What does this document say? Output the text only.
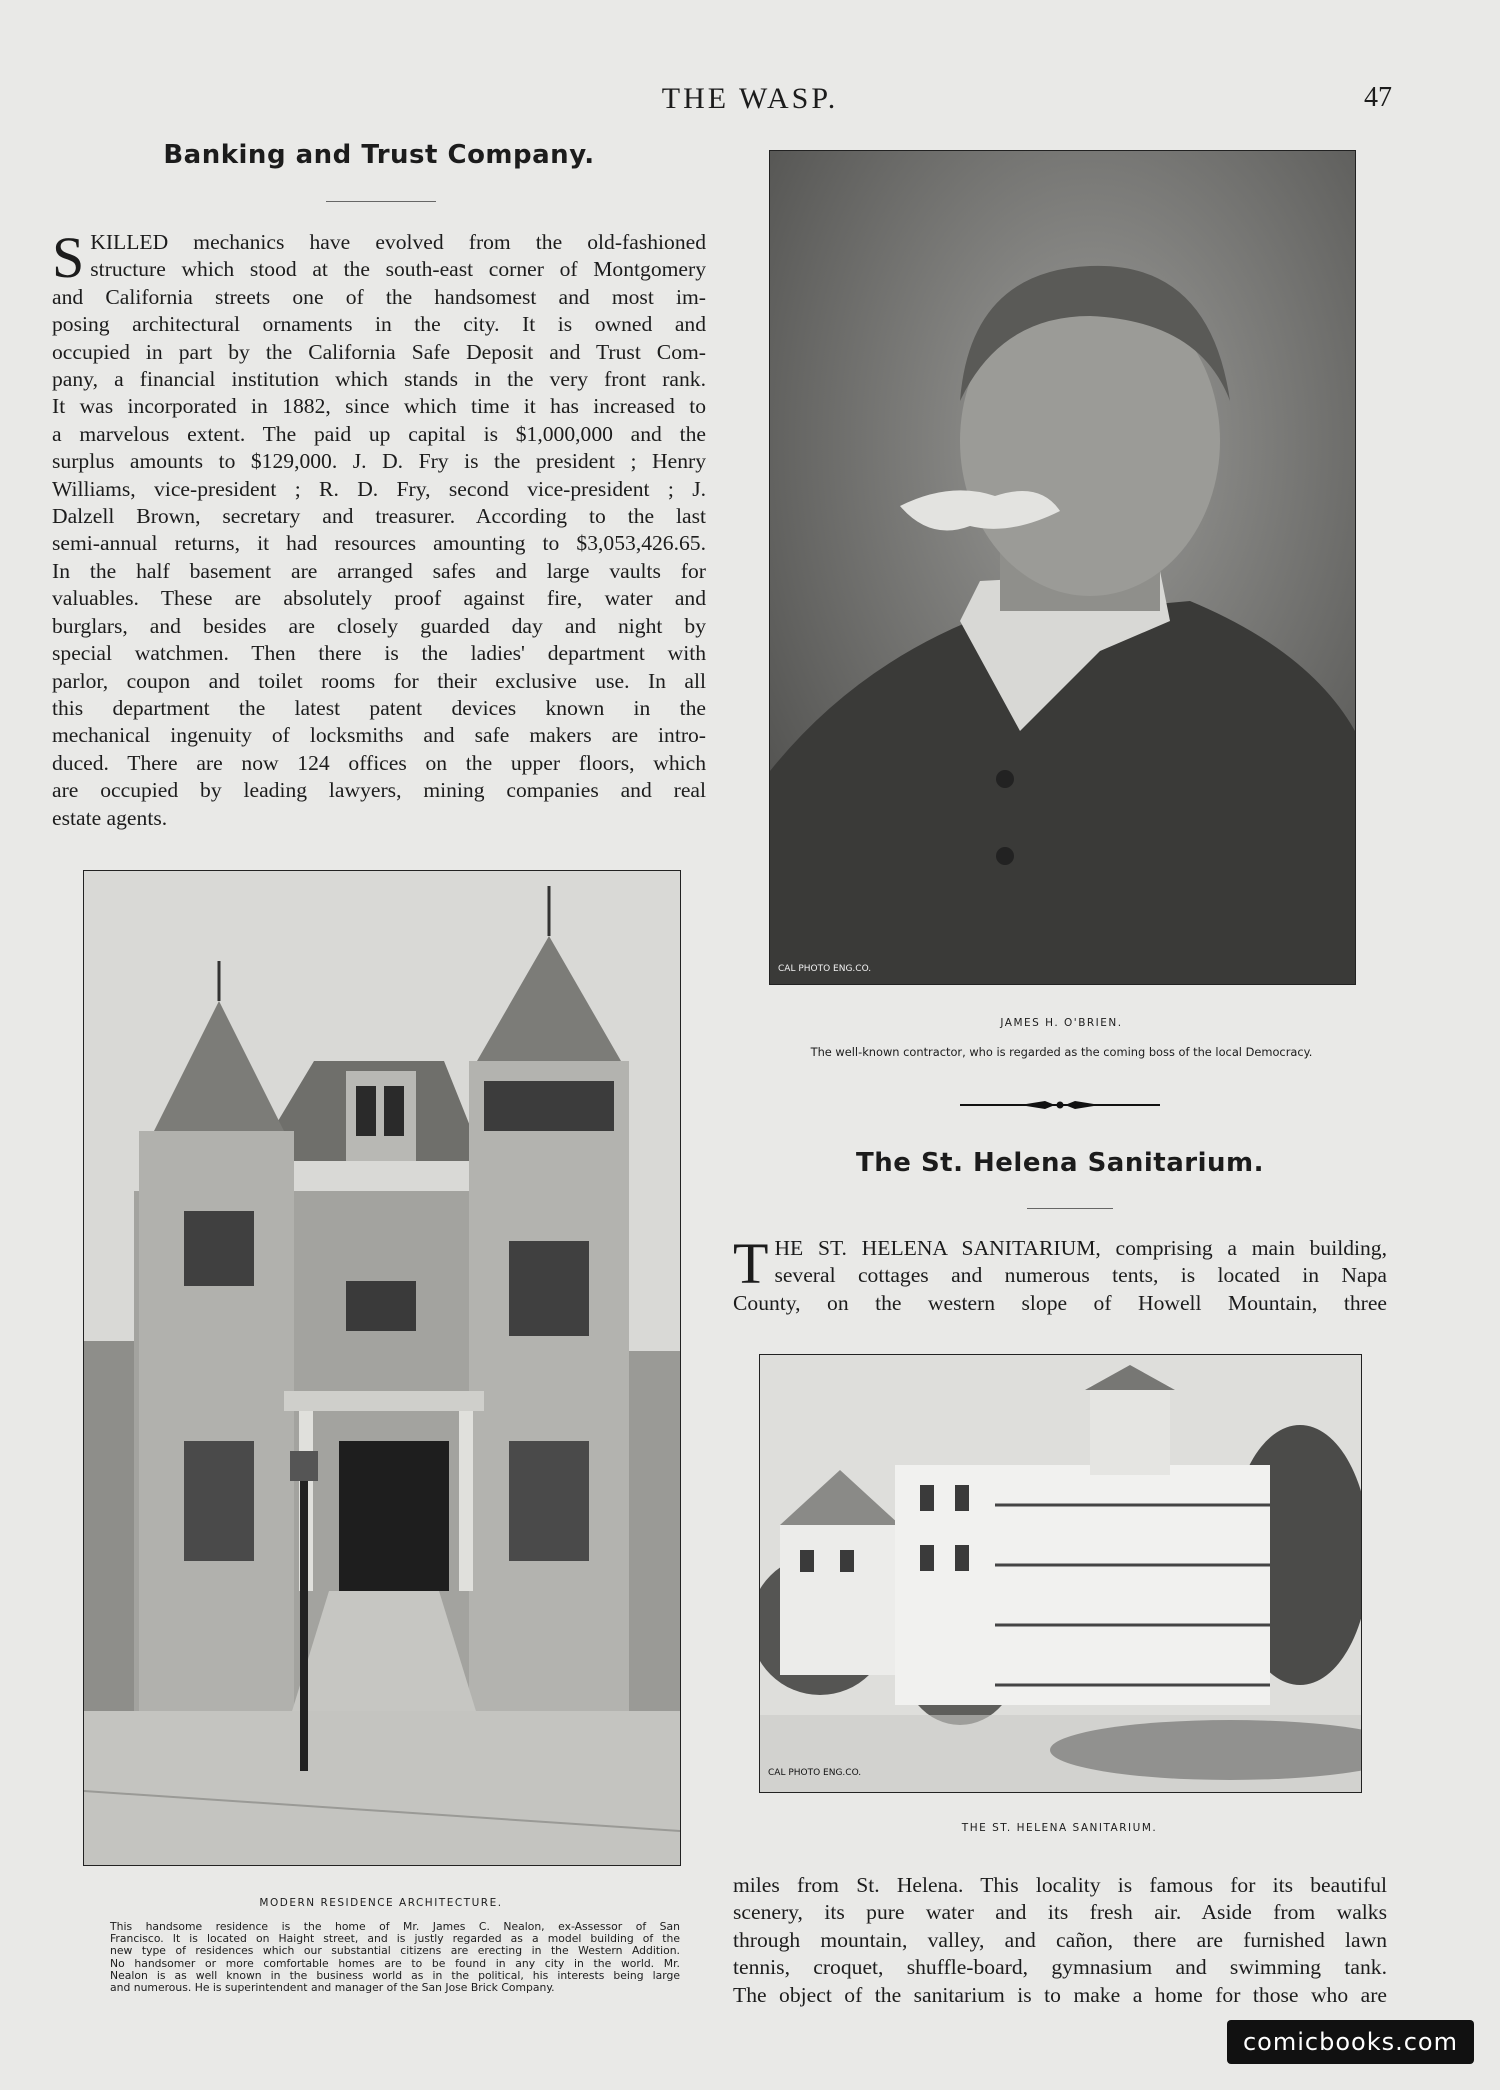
THE WASP.	47
Banking and Trust Company.
S KILLED mechanics have evolved from the old-fashioned
structure which stood at the south-east corner of Montgomery
and California streets one of the handsomest and most im-
posing architectural ornaments in the city. It is owned and
occupied in part by the California Safe Deposit and Trust Com-
pany, a financial institution which stands in the very front rank.
It was incorporated in 1882, since which time it has increased to
a marvelous extent. The paid up capital is $1,000,000 and the
surplus amounts to $129,000. J. D. Fry is the president ; Henry
Williams, vice-president ; R. D. Fry, second vice-president ; J.
Dalzell Brown, secretary and treasurer. According to the last
semi-annual returns, it had resources amounting to $3,053,426.65.
In the half basement are arranged safes and large vaults for
valuables. These are absolutely proof against fire, water and
burglars, and besides are closely guarded day and night by
special watchmen. Then there is the ladies' department with
parlor, coupon and toilet rooms for their exclusive use. In all
this department the latest patent devices known in the
mechanical ingenuity of locksmiths and safe makers are intro-
duced. There are now 124 offices on the upper floors, which
are occupied by leading lawyers, mining companies and real
estate agents.
MODERN RESIDENCE ARCHITECTURE.
This handsome residence is the home of Mr. James C. Nealon, ex-Assessor of San
Francisco. It is located on Haight street, and is justly regarded as a model building of the
new type of residences which our substantial citizens are erecting in the Western Addition.
No handsomer or more comfortable homes are to be found in any city in the world. Mr.
Nealon is as well known in the business world as in the political, his interests being large
and numerous. He is superintendent and manager of the San Jose Brick Company.
CAL PHOTO ENG.CO.
JAMES H. O'BRIEN.
The well-known contractor, who is regarded as the coming boss of the local Democracy.
The St. Helena Sanitarium.
T HE ST. HELENA SANITARIUM, comprising a main building,
several cottages and numerous tents, is located in Napa
County, on the western slope of Howell Mountain, three
CAL PHOTO ENG.CO.
THE ST. HELENA SANITARIUM.
miles from St. Helena. This locality is famous for its beautiful
scenery, its pure water and its fresh air. Aside from walks
through mountain, valley, and cañon, there are furnished lawn
tennis, croquet, shuffle-board, gymnasium and swimming tank.
The object of the sanitarium is to make a home for those who are
comicbooks.com
